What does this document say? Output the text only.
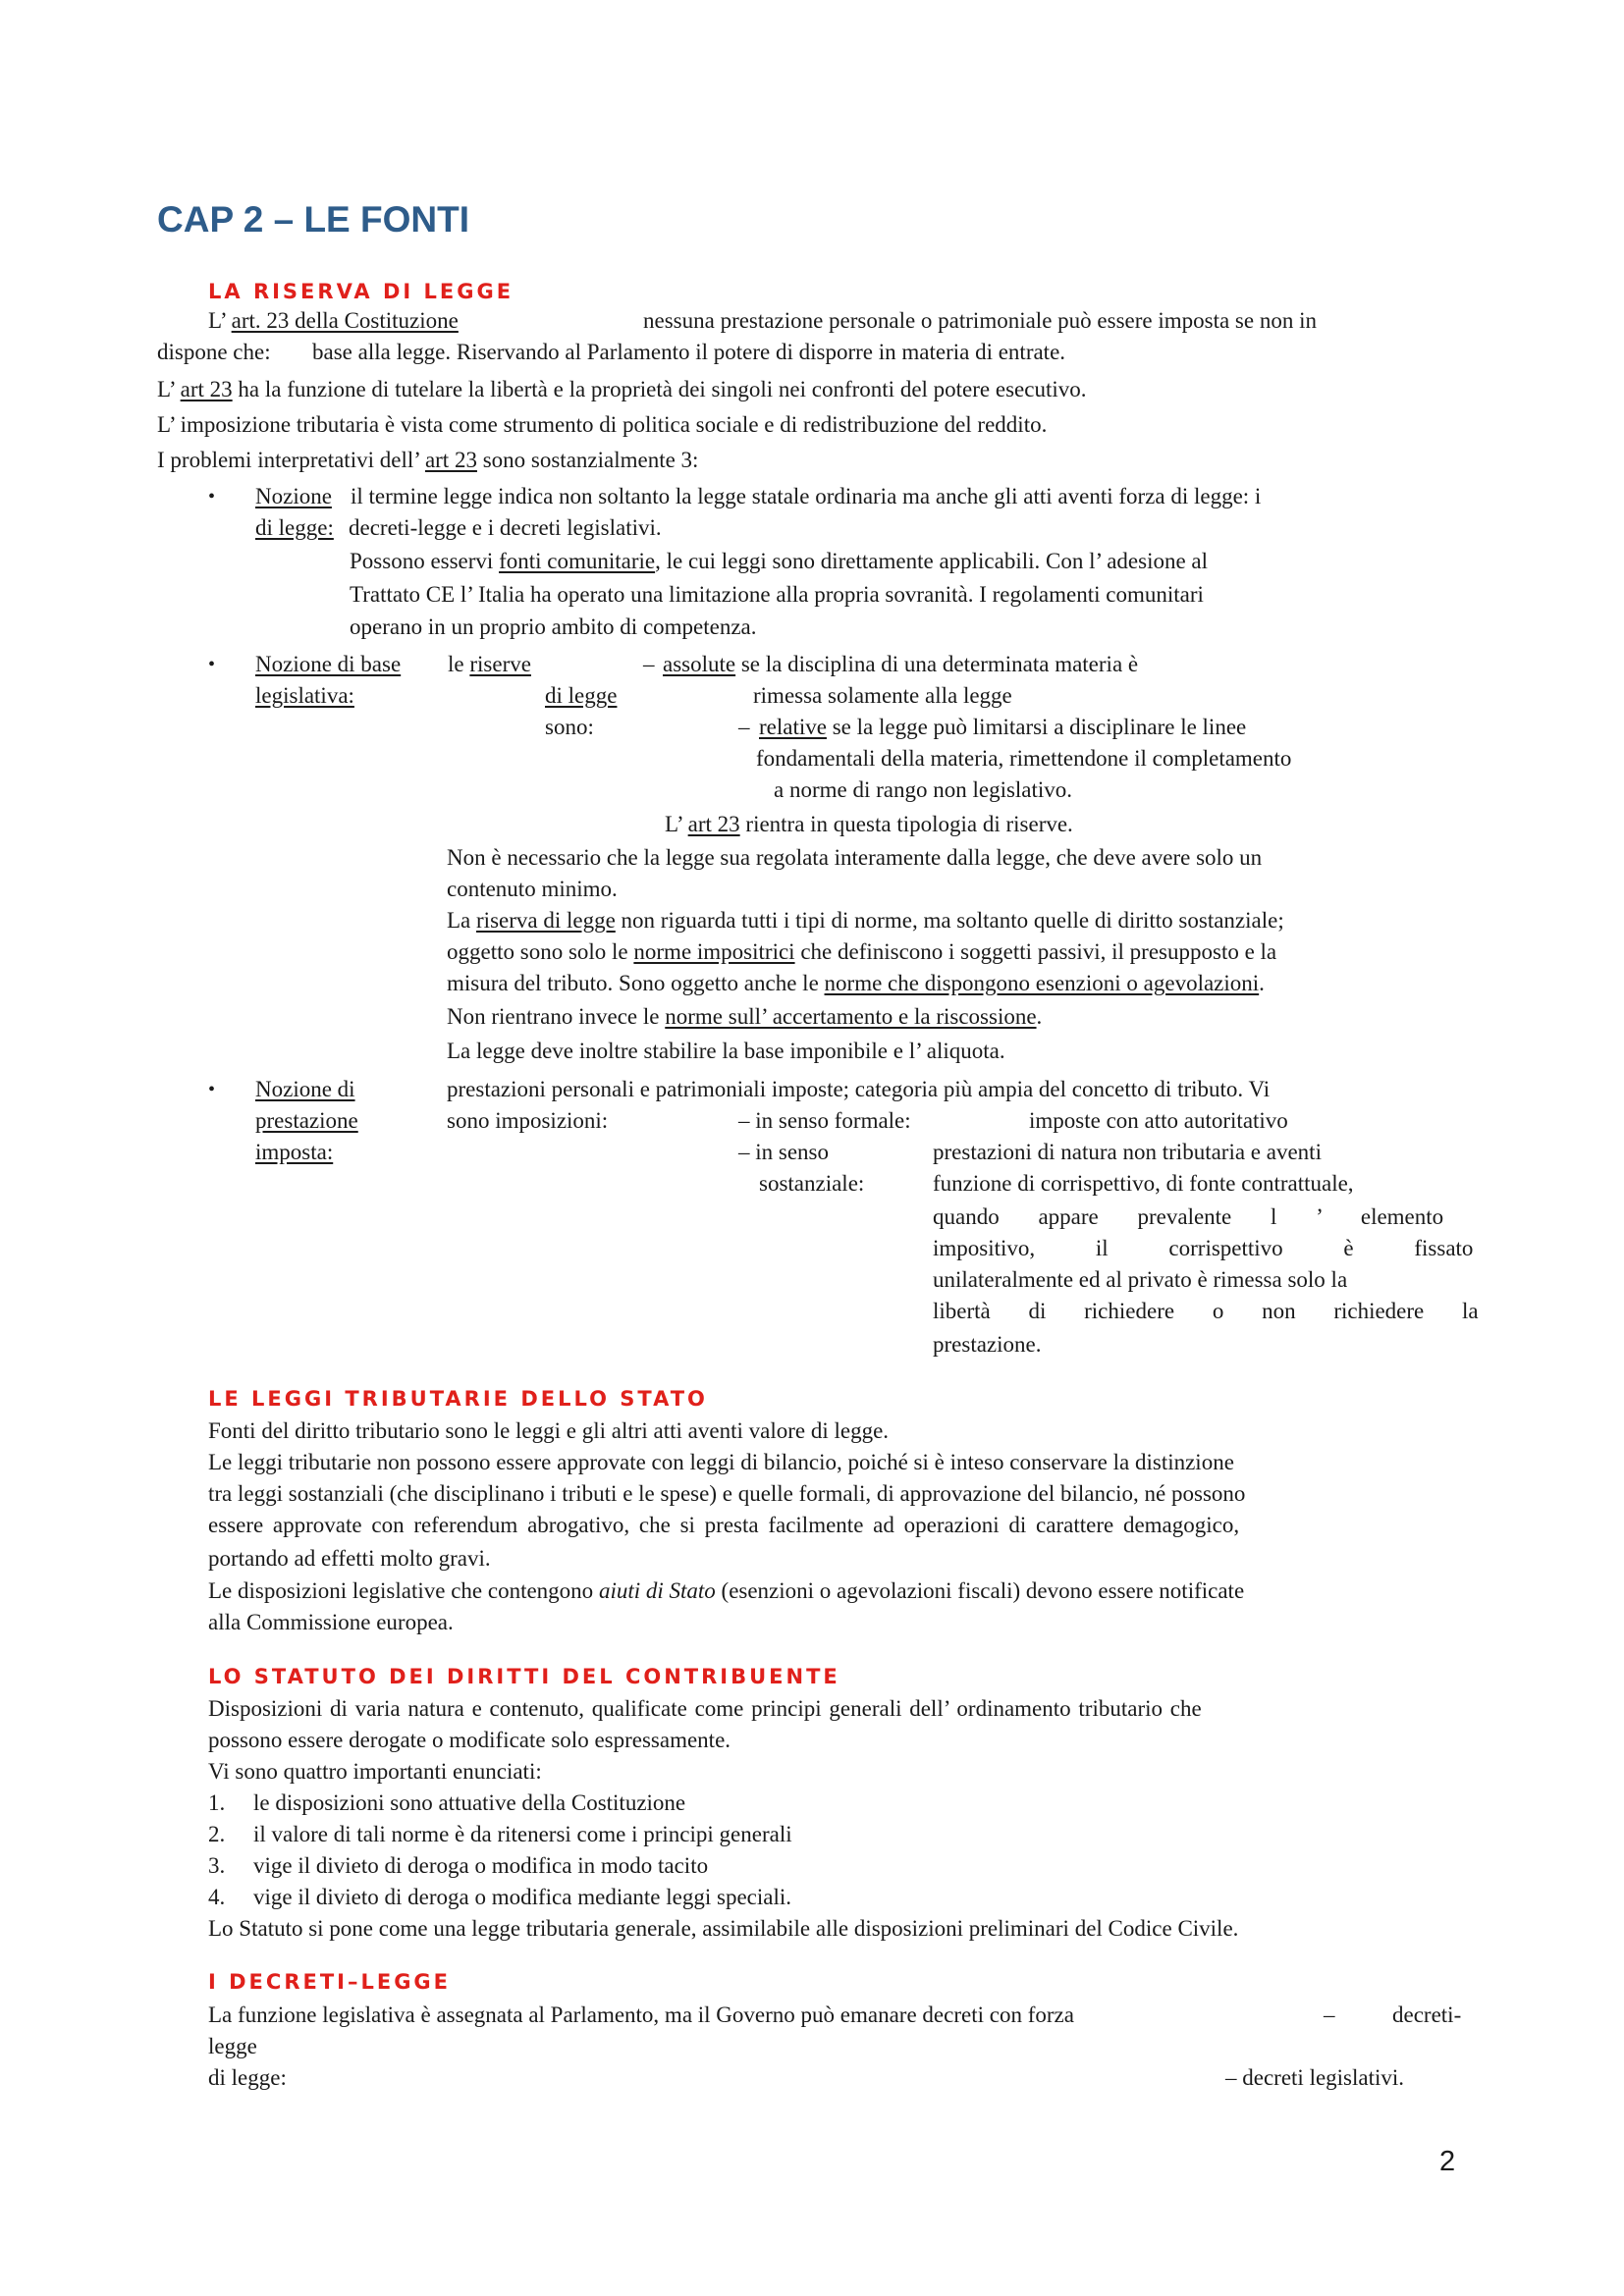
CAP 2 – LE FONTI
LA RISERVA DI LEGGE
L’ art. 23 della Costituzione	nessuna prestazione personale o patrimoniale può essere imposta se non in
dispone che: base alla legge. Riservando al Parlamento il potere di disporre in materia di entrate.
L’ art 23 ha la funzione di tutelare la libertà e la proprietà dei singoli nei confronti del potere esecutivo.
L’ imposizione tributaria è vista come strumento di politica sociale e di redistribuzione del reddito.
I problemi interpretativi dell’ art 23 sono sostanzialmente 3:
• Nozione
di legge:
il termine legge indica non soltanto la legge statale ordinaria ma anche gli atti aventi forza di legge: i
decreti-legge e i decreti legislativi.
Possono esservi fonti comunitarie, le cui leggi sono direttamente applicabili. Con l’ adesione al
Trattato CE l’ Italia ha operato una limitazione alla propria sovranità. I regolamenti comunitari
operano in un proprio ambito di competenza.
• Nozione di base
legislativa:
le riserve
di legge
sono:
– assolute se la disciplina di una determinata materia è
rimessa solamente alla legge
– relative se la legge può limitarsi a disciplinare le linee
fondamentali della materia, rimettendone il completamento
a norme di rango non legislativo.
L’ art 23 rientra in questa tipologia di riserve.
Non è necessario che la legge sua regolata interamente dalla legge, che deve avere solo un
contenuto minimo.
La riserva di legge non riguarda tutti i tipi di norme, ma soltanto quelle di diritto sostanziale;
oggetto sono solo le norme impositrici che definiscono i soggetti passivi, il presupposto e la
misura del tributo. Sono oggetto anche le norme che dispongono esenzioni o agevolazioni.
Non rientrano invece le norme sull’ accertamento e la riscossione.
La legge deve inoltre stabilire la base imponibile e l’ aliquota.
• Nozione di
prestazione
imposta:
prestazioni personali e patrimoniali imposte; categoria più ampia del concetto di tributo. Vi
sono imposizioni:	– in senso formale:	imposte con atto autoritativo
– in senso
sostanziale:
prestazioni di natura non tributaria e aventi
funzione di corrispettivo, di fonte contrattuale,
quando appare prevalente l ’ elemento
impositivo, il corrispettivo è fissato
unilateralmente ed al privato è rimessa solo la
libertà di richiedere o non richiedere la
prestazione.
LE LEGGI TRIBUTARIE DELLO STATO
Fonti del diritto tributario sono le leggi e gli altri atti aventi valore di legge.
Le leggi tributarie non possono essere approvate con leggi di bilancio, poiché si è inteso conservare la distinzione
tra leggi sostanziali (che disciplinano i tributi e le spese) e quelle formali, di approvazione del bilancio, né possono
essere approvate con referendum abrogativo, che si presta facilmente ad operazioni di carattere demagogico,
portando ad effetti molto gravi.
Le disposizioni legislative che contengono aiuti di Stato (esenzioni o agevolazioni fiscali) devono essere notificate
alla Commissione europea.
LO STATUTO DEI DIRITTI DEL CONTRIBUENTE
Disposizioni di varia natura e contenuto, qualificate come principi generali dell’ ordinamento tributario che
possono essere derogate o modificate solo espressamente.
Vi sono quattro importanti enunciati:
1. le disposizioni sono attuative della Costituzione
2. il valore di tali norme è da ritenersi come i principi generali
3. vige il divieto di deroga o modifica in modo tacito
4. vige il divieto di deroga o modifica mediante leggi speciali.
Lo Statuto si pone come una legge tributaria generale, assimilabile alle disposizioni preliminari del Codice Civile.
I DECRETI–LEGGE
La funzione legislativa è assegnata al Parlamento, ma il Governo può emanare decreti con forza	–	decreti-
legge
di legge:	– decreti legislativi.
2
